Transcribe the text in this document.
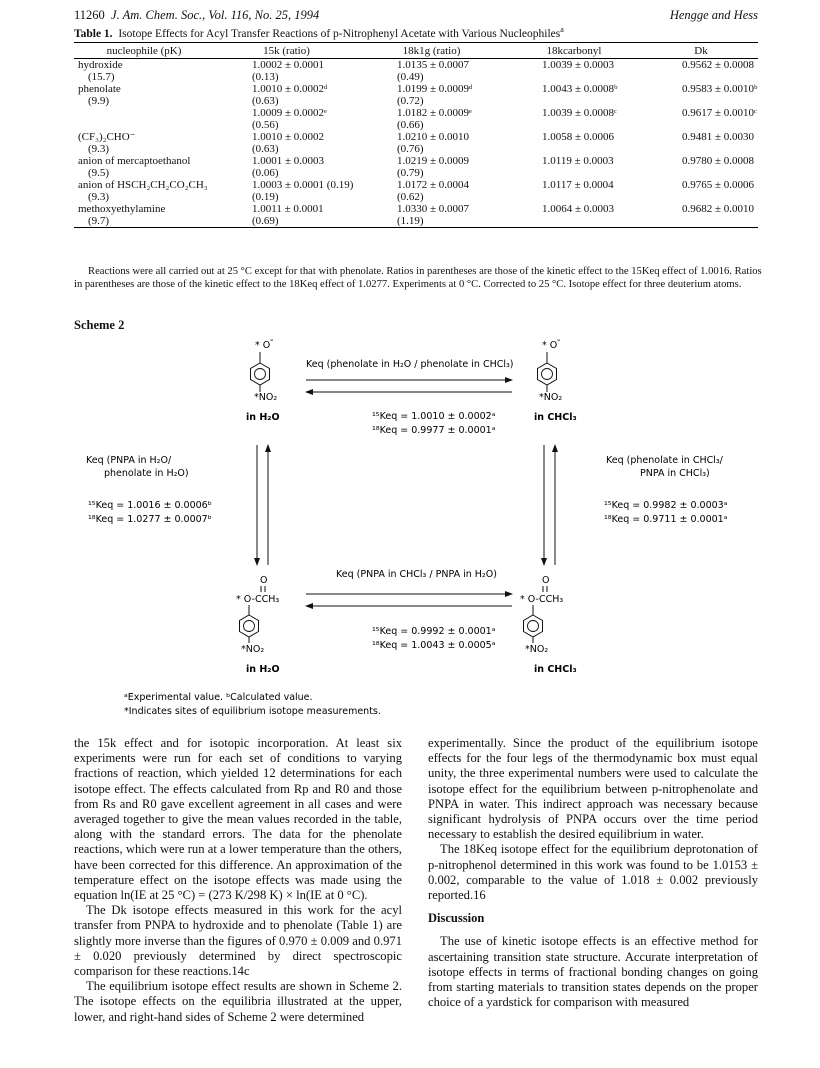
11260 J. Am. Chem. Soc., Vol. 116, No. 25, 1994	Hengge and Hess
Table 1. Isotope Effects for Acyl Transfer Reactions of p-Nitrophenyl Acetate with Various Nucleophiles$^a$
nucleophile (pK)	15k (ratio)	18k1g (ratio)	18kcarbonyl	Dk
hydroxide	1.0002 ± 0.0001	1.0135 ± 0.0007	1.0039 ± 0.0003	0.9562 ± 0.0008
(15.7)	(0.13)	(0.49)		
phenolate	1.0010 ± 0.0002ᵈ	1.0199 ± 0.0009ᵈ	1.0043 ± 0.0008ᵇ	0.9583 ± 0.0010ᵇ
(9.9)	(0.63)	(0.72)		
	1.0009 ± 0.0002ᵉ	1.0182 ± 0.0009ᵉ	1.0039 ± 0.0008ᶜ	0.9617 ± 0.0010ᶜ
	(0.56)	(0.66)		
(CF₃)₂CHO⁻	1.0010 ± 0.0002	1.0210 ± 0.0010	1.0058 ± 0.0006	0.9481 ± 0.0030
(9.3)	(0.63)	(0.76)		
anion of mercaptoethanol	1.0001 ± 0.0003	1.0219 ± 0.0009	1.0119 ± 0.0003	0.9780 ± 0.0008
(9.5)	(0.06)	(0.79)		
anion of HSCH₂CH₂CO₂CH₃	1.0003 ± 0.0001 (0.19)	1.0172 ± 0.0004	1.0117 ± 0.0004	0.9765 ± 0.0006
(9.3)	(0.19)	(0.62)		
methoxyethylamine	1.0011 ± 0.0001	1.0330 ± 0.0007	1.0064 ± 0.0003	0.9682 ± 0.0010
(9.7)	(0.69)	(1.19)		
Reactions were all carried out at 25 °C except for that with phenolate. Ratios in parentheses are those of the kinetic effect to the 15Keq effect of 1.0016. Ratios in parentheses are those of the kinetic effect to the 18Keq effect of 1.0277. Experiments at 0 °C. Corrected to 25 °C. Isotope effect for three deuterium atoms.
Scheme 2
* O -
*NO₂
in H₂O
* O -
*NO₂
in CHCl₃
Keq (phenolate in H₂O / phenolate in CHCl₃)
¹⁵Keq = 1.0010 ± 0.0002ᵃ
¹⁸Keq = 0.9977 ± 0.0001ᵃ
Keq (PNPA in H₂O/
phenolate in H₂O)
¹⁵Keq = 1.0016 ± 0.0006ᵇ
¹⁸Keq = 1.0277 ± 0.0007ᵇ
Keq (phenolate in CHCl₃/
PNPA in CHCl₃)
¹⁵Keq = 0.9982 ± 0.0003ᵃ
¹⁸Keq = 0.9711 ± 0.0001ᵃ
O
* O-CCH₃
*NO₂
in H₂O
O
* O-CCH₃
*NO₂
in CHCl₃
Keq (PNPA in CHCl₃ / PNPA in H₂O)
¹⁵Keq = 0.9992 ± 0.0001ᵃ
¹⁸Keq = 1.0043 ± 0.0005ᵃ
ᵃExperimental value. ᵇCalculated value.
*Indicates sites of equilibrium isotope measurements.

the 15k effect and for isotopic incorporation. At least six experiments were run for each set of conditions to varying fractions of reaction, which yielded 12 determinations for each isotope effect. The effects calculated from Rp and R0 and those from Rs and R0 gave excellent agreement in all cases and were averaged together to give the mean values recorded in the table, along with the standard errors. The data for the phenolate reactions, which were run at a lower temperature than the others, have been corrected for this difference. An approximation of the temperature effect on the isotope effects was made using the equation ln(IE at 25 °C) = (273 K/298 K) × ln(IE at 0 °C).

The Dk isotope effects measured in this work for the acyl transfer from PNPA to hydroxide and to phenolate (Table 1) are slightly more inverse than the figures of 0.970 ± 0.009 and 0.971 ± 0.020 previously determined by direct spectroscopic comparison for these reactions.14c

The equilibrium isotope effect results are shown in Scheme 2. The isotope effects on the equilibria illustrated at the upper, lower, and right-hand sides of Scheme 2 were determined

experimentally. Since the product of the equilibrium isotope effects for the four legs of the thermodynamic box must equal unity, the three experimental numbers were used to calculate the isotope effect for the equilibrium between p-nitrophenolate and PNPA in water. This indirect approach was necessary because significant hydrolysis of PNPA occurs over the time period necessary to establish the desired equilibrium in water.

The 18Keq isotope effect for the equilibrium deprotonation of p-nitrophenol determined in this work was found to be 1.0153 ± 0.002, comparable to the value of 1.018 ± 0.002 previously reported.16

Discussion

The use of kinetic isotope effects is an effective method for ascertaining transition state structure. Accurate interpretation of isotope effects in terms of fractional bonding changes on going from starting materials to transition states depends on the proper choice of a yardstick for comparison with measured
